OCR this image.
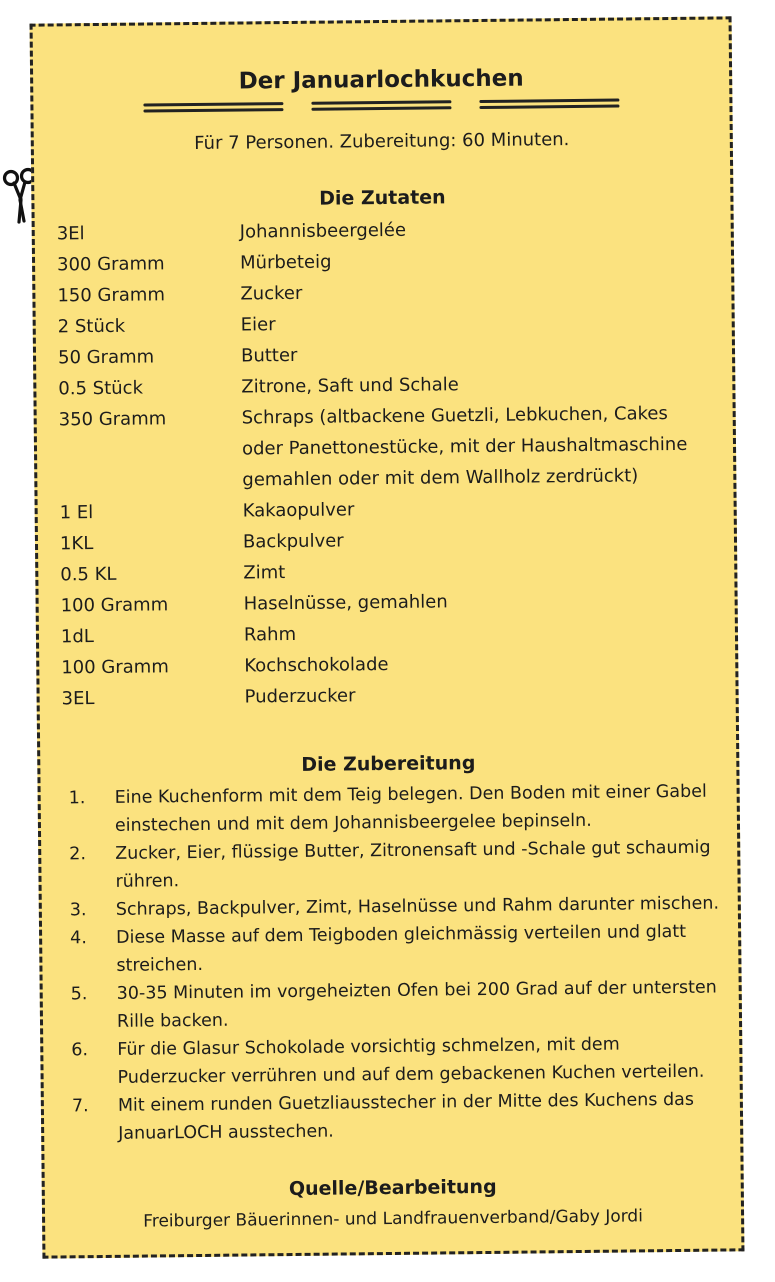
Der Januarlochkuchen
Für 7 Personen. Zubereitung: 60 Minuten.
Die Zutaten
3El	Johannisbeergelée
300 Gramm	Mürbeteig
150 Gramm	Zucker
2 Stück	Eier
50 Gramm	Butter
0.5 Stück	Zitrone, Saft und Schale
350 Gramm	Schraps (altbackene Guetzli, Lebkuchen, Cakes oder Panettonestücke, mit der Haushaltmaschine gemahlen oder mit dem Wallholz zerdrückt)
1 El	Kakaopulver
1KL	Backpulver
0.5 KL	Zimt
100 Gramm	Haselnüsse, gemahlen
1dL	Rahm
100 Gramm	Kochschokolade
3EL	Puderzucker
Die Zubereitung
1.	Eine Kuchenform mit dem Teig belegen. Den Boden mit einer Gabel einstechen und mit dem Johannisbeergelee bepinseln.
2.	Zucker, Eier, flüssige Butter, Zitronensaft und -Schale gut schaumig rühren.
3.	Schraps, Backpulver, Zimt, Haselnüsse und Rahm darunter mischen.
4.	Diese Masse auf dem Teigboden gleichmässig verteilen und glatt streichen.
5.	30-35 Minuten im vorgeheizten Ofen bei 200 Grad auf der untersten Rille backen.
6.	Für die Glasur Schokolade vorsichtig schmelzen, mit dem Puderzucker verrühren und auf dem gebackenen Kuchen verteilen.
7.	Mit einem runden Guetzliausstecher in der Mitte des Kuchens das JanuarLOCH ausstechen.
Quelle/Bearbeitung
Freiburger Bäuerinnen- und Landfrauenverband/Gaby Jordi
